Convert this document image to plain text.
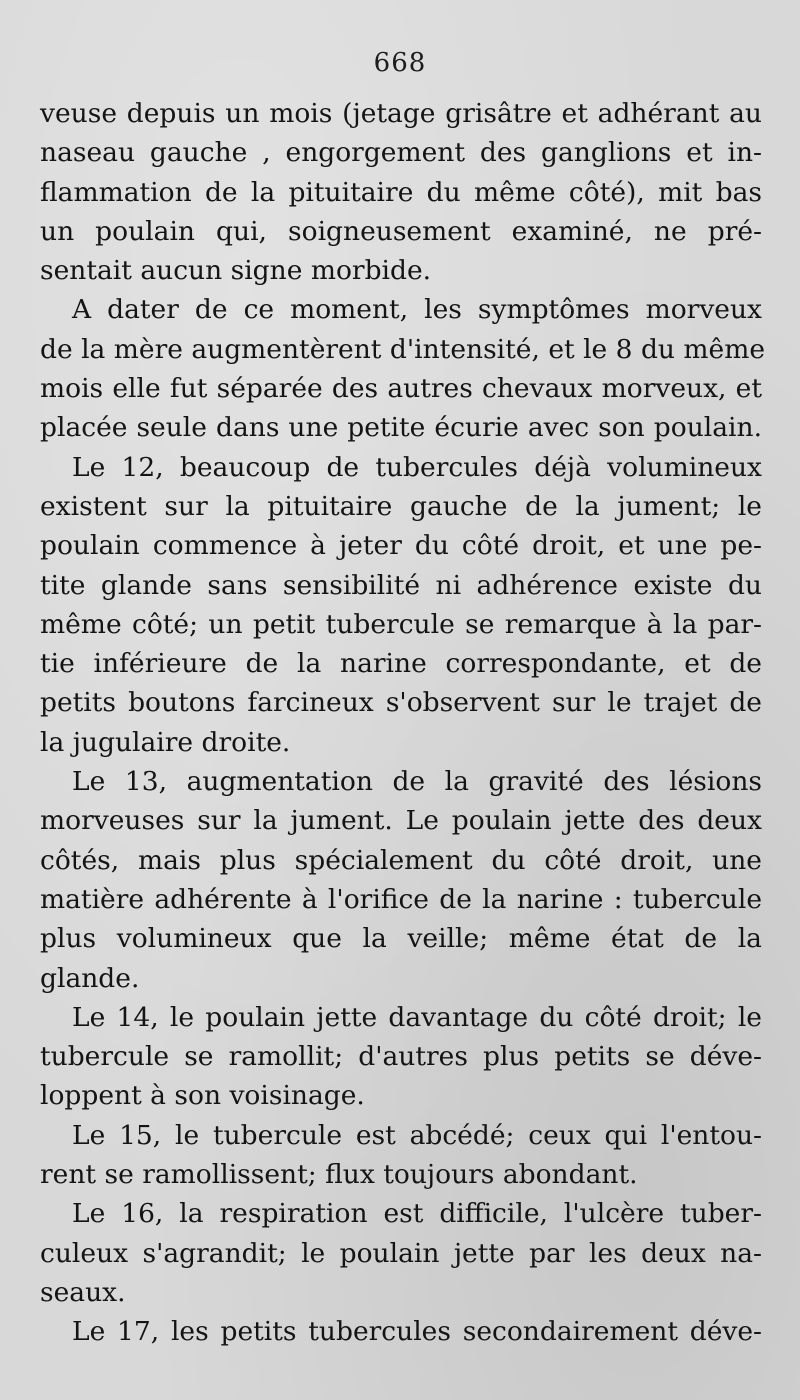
668
veuse depuis un mois (jetage grisâtre et adhérant au
naseau gauche , engorgement des ganglions et in-
flammation de la pituitaire du même côté), mit bas
un poulain qui, soigneusement examiné, ne pré-
sentait aucun signe morbide.
A dater de ce moment, les symptômes morveux
de la mère augmentèrent d'intensité, et le 8 du même
mois elle fut séparée des autres chevaux morveux, et
placée seule dans une petite écurie avec son poulain.
Le 12, beaucoup de tubercules déjà volumineux
existent sur la pituitaire gauche de la jument; le
poulain commence à jeter du côté droit, et une pe-
tite glande sans sensibilité ni adhérence existe du
même côté; un petit tubercule se remarque à la par-
tie inférieure de la narine correspondante, et de
petits boutons farcineux s'observent sur le trajet de
la jugulaire droite.
Le 13, augmentation de la gravité des lésions
morveuses sur la jument. Le poulain jette des deux
côtés, mais plus spécialement du côté droit, une
matière adhérente à l'orifice de la narine : tubercule
plus volumineux que la veille; même état de la
glande.
Le 14, le poulain jette davantage du côté droit; le
tubercule se ramollit; d'autres plus petits se déve-
loppent à son voisinage.
Le 15, le tubercule est abcédé; ceux qui l'entou-
rent se ramollissent; flux toujours abondant.
Le 16, la respiration est difficile, l'ulcère tuber-
culeux s'agrandit; le poulain jette par les deux na-
seaux.
Le 17, les petits tubercules secondairement déve-
